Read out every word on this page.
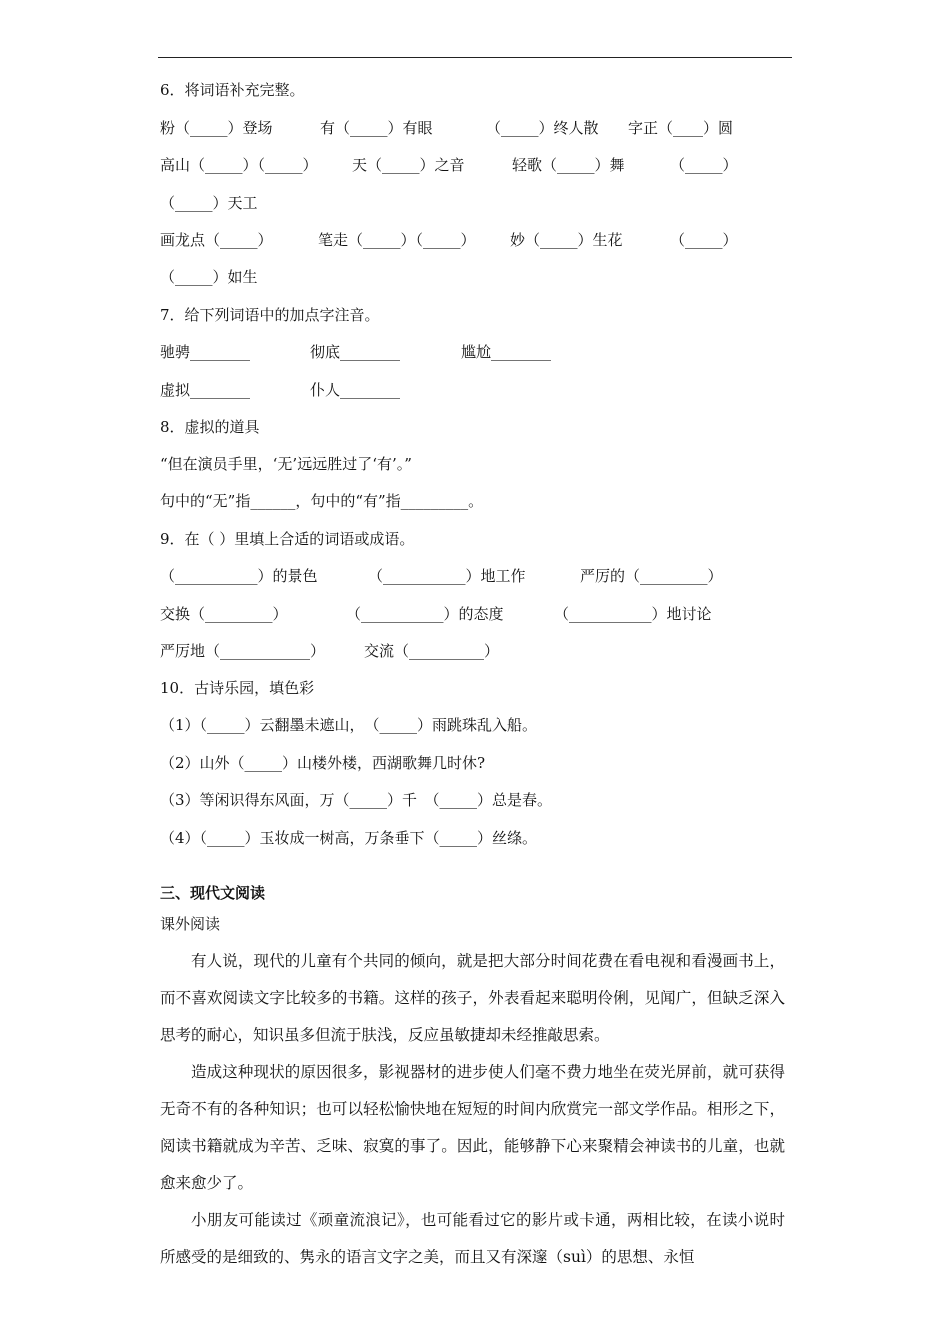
6．将词语补充完整。
粉（_____）登场	有（_____）有眼	（_____）终人散 字正（____）圆
高山（_____）（_____） 天（_____）之音	轻歌（_____）舞	（_____）
（_____）天工
画龙点（_____）	笔走（_____）（_____） 妙（_____）生花	（_____）
（_____）如生
7．给下列词语中的加点字注音。
驰骋________	彻底________	尴尬________
虚拟________	仆人________
8．虚拟的道具
“但在演员手里，‘无’远远胜过了‘有’。”
句中的“无”指______，句中的“有”指_________。
9．在（ ）里填上合适的词语或成语。
（___________）的景色	（___________）地工作	严厉的（_________）
交换（_________）	（___________）的态度	（___________）地讨论
严厉地（____________）	交流（__________）
10．古诗乐园，填色彩
（1）（_____）云翻墨未遮山，　（_____）雨跳珠乱入船。
（2）山外（_____）山楼外楼，西湖歌舞几时休?
（3）等闲识得东风面，万（_____）千　（_____）总是春。
（4）（_____）玉妆成一树高，万条垂下（_____）丝绦。
三、现代文阅读
课外阅读

有人说，现代的儿童有个共同的倾向，就是把大部分时间花费在看电视和看漫画书上，而不喜欢阅读文字比较多的书籍。这样的孩子，外表看起来聪明伶俐，见闻广，但缺乏深入思考的耐心，知识虽多但流于肤浅，反应虽敏捷却未经推敲思索。

造成这种现状的原因很多，影视器材的进步使人们毫不费力地坐在荧光屏前，就可获得无奇不有的各种知识；也可以轻松愉快地在短短的时间内欣赏完一部文学作品。相形之下，阅读书籍就成为辛苦、乏味、寂寞的事了。因此，能够静下心来聚精会神读书的儿童，也就愈来愈少了。

小朋友可能读过《顽童流浪记》，也可能看过它的影片或卡通，两相比较，在读小说时所感受的是细致的、隽永的语言文字之美，而且又有深邃（suì）的思想、永恒
